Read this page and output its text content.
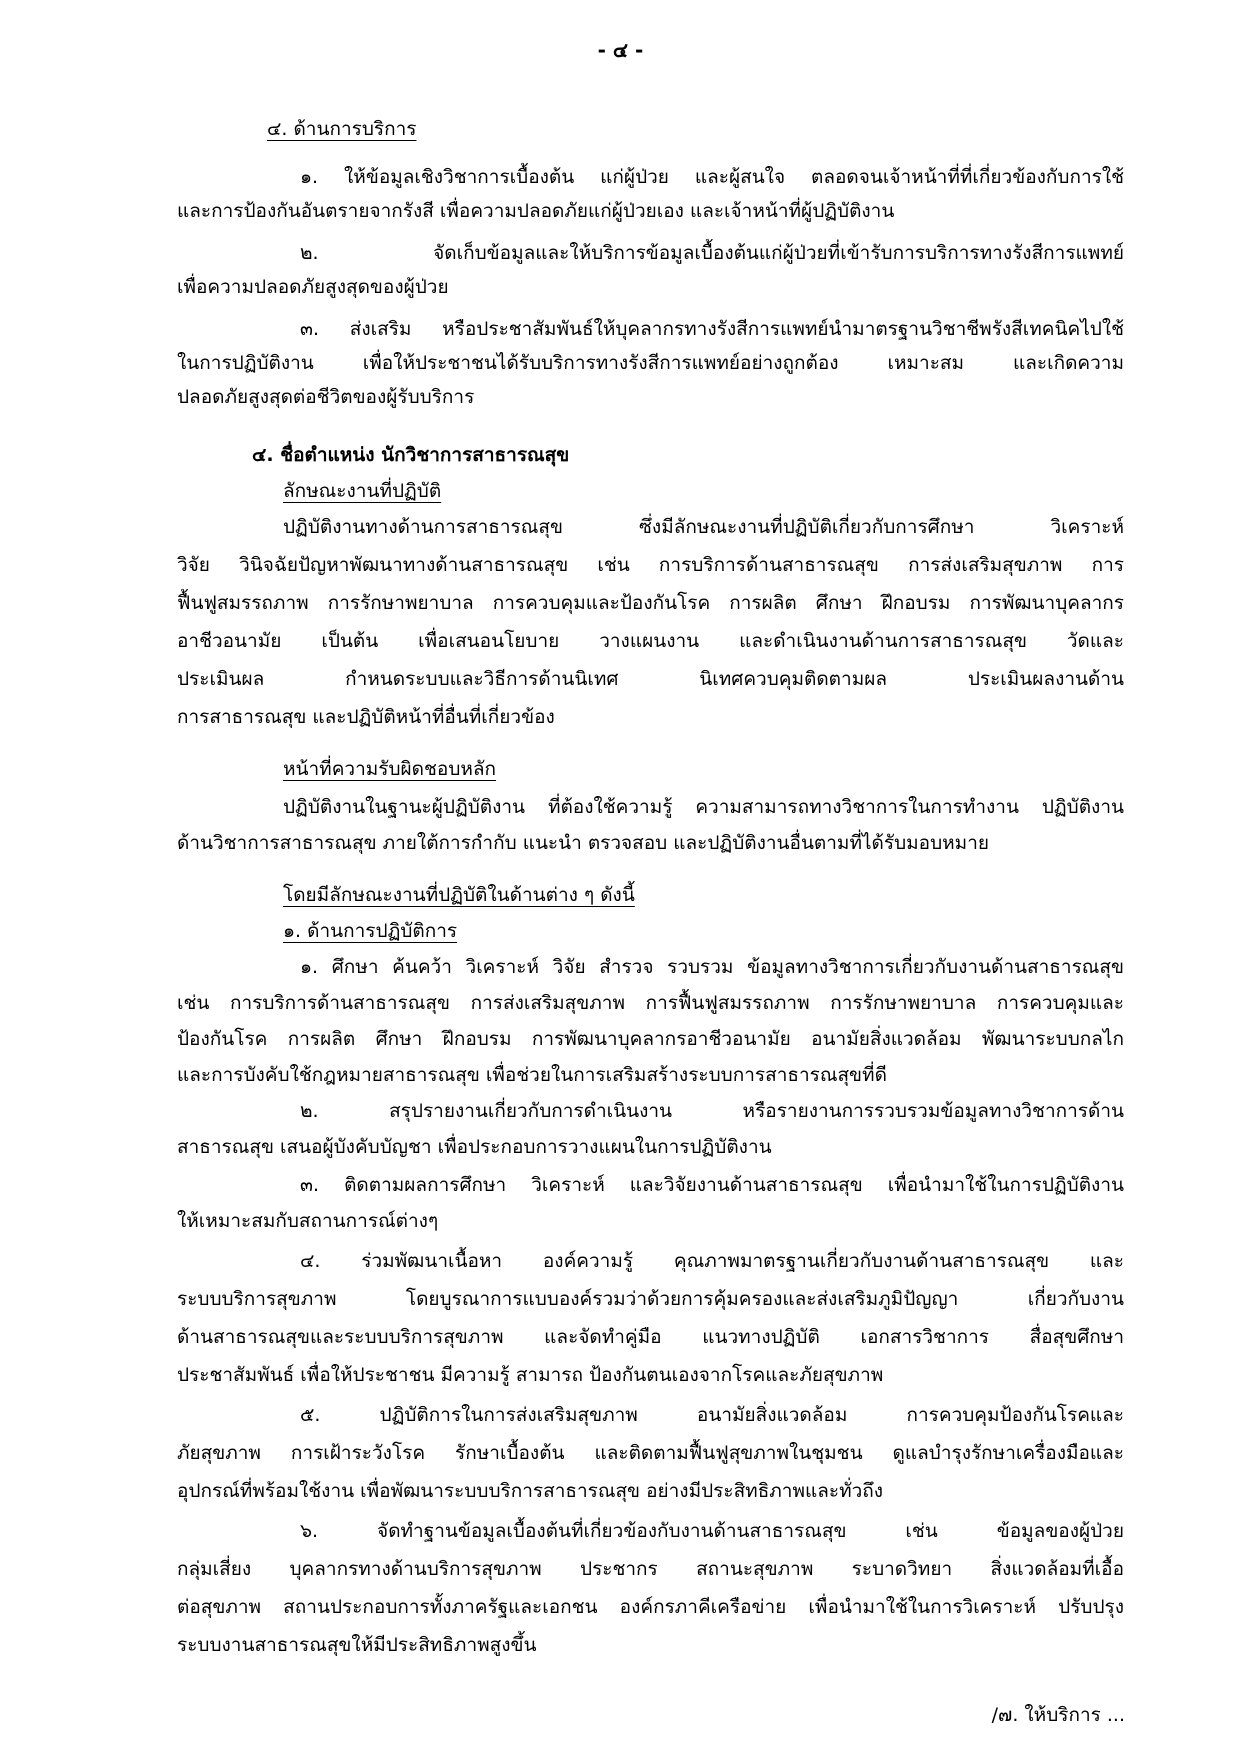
- ๔ -
๔. ด้านการบริการ
๑. ให้ข้อมูลเชิงวิชาการเบื้องต้น แก่ผู้ป่วย และผู้สนใจ ตลอดจนเจ้าหน้าที่ที่เกี่ยวข้องกับการใช้
และการป้องกันอันตรายจากรังสี เพื่อความปลอดภัยแก่ผู้ป่วยเอง และเจ้าหน้าที่ผู้ปฏิบัติงาน
๒. จัดเก็บข้อมูลและให้บริการข้อมูลเบื้องต้นแก่ผู้ป่วยที่เข้ารับการบริการทางรังสีการแพทย์
เพื่อความปลอดภัยสูงสุดของผู้ป่วย
๓. ส่งเสริม หรือประชาสัมพันธ์ให้บุคลากรทางรังสีการแพทย์นำมาตรฐานวิชาชีพรังสีเทคนิคไปใช้
ในการปฏิบัติงาน เพื่อให้ประชาชนได้รับบริการทางรังสีการแพทย์อย่างถูกต้อง เหมาะสม และเกิดความ
ปลอดภัยสูงสุดต่อชีวิตของผู้รับบริการ
๔. ชื่อตำแหน่ง นักวิชาการสาธารณสุข
ลักษณะงานที่ปฏิบัติ
ปฏิบัติงานทางด้านการสาธารณสุข ซึ่งมีลักษณะงานที่ปฏิบัติเกี่ยวกับการศึกษา วิเคราะห์
วิจัย วินิจฉัยปัญหาพัฒนาทางด้านสาธารณสุข เช่น การบริการด้านสาธารณสุข การส่งเสริมสุขภาพ การ
ฟื้นฟูสมรรถภาพ การรักษาพยาบาล การควบคุมและป้องกันโรค การผลิต ศึกษา ฝึกอบรม การพัฒนาบุคลากร
อาชีวอนามัย เป็นต้น เพื่อเสนอนโยบาย วางแผนงาน และดำเนินงานด้านการสาธารณสุข วัดและ
ประเมินผล กำหนดระบบและวิธีการด้านนิเทศ นิเทศควบคุมติดตามผล ประเมินผลงานด้าน
การสาธารณสุข และปฏิบัติหน้าที่อื่นที่เกี่ยวข้อง
หน้าที่ความรับผิดชอบหลัก
ปฏิบัติงานในฐานะผู้ปฏิบัติงาน ที่ต้องใช้ความรู้ ความสามารถทางวิชาการในการทำงาน ปฏิบัติงาน
ด้านวิชาการสาธารณสุข ภายใต้การกำกับ แนะนำ ตรวจสอบ และปฏิบัติงานอื่นตามที่ได้รับมอบหมาย
โดยมีลักษณะงานที่ปฏิบัติในด้านต่าง ๆ ดังนี้
๑. ด้านการปฏิบัติการ
๑. ศึกษา ค้นคว้า วิเคราะห์ วิจัย สำรวจ รวบรวม ข้อมูลทางวิชาการเกี่ยวกับงานด้านสาธารณสุข
เช่น การบริการด้านสาธารณสุข การส่งเสริมสุขภาพ การฟื้นฟูสมรรถภาพ การรักษาพยาบาล การควบคุมและ
ป้องกันโรค การผลิต ศึกษา ฝึกอบรม การพัฒนาบุคลากรอาชีวอนามัย อนามัยสิ่งแวดล้อม พัฒนาระบบกลไก
และการบังคับใช้กฎหมายสาธารณสุข เพื่อช่วยในการเสริมสร้างระบบการสาธารณสุขที่ดี
๒. สรุปรายงานเกี่ยวกับการดำเนินงาน หรือรายงานการรวบรวมข้อมูลทางวิชาการด้าน
สาธารณสุข เสนอผู้บังคับบัญชา เพื่อประกอบการวางแผนในการปฏิบัติงาน
๓. ติดตามผลการศึกษา วิเคราะห์ และวิจัยงานด้านสาธารณสุข เพื่อนำมาใช้ในการปฏิบัติงาน
ให้เหมาะสมกับสถานการณ์ต่างๆ
๔. ร่วมพัฒนาเนื้อหา องค์ความรู้ คุณภาพมาตรฐานเกี่ยวกับงานด้านสาธารณสุข และ
ระบบบริการสุขภาพ โดยบูรณาการแบบองค์รวมว่าด้วยการคุ้มครองและส่งเสริมภูมิปัญญา เกี่ยวกับงาน
ด้านสาธารณสุขและระบบบริการสุขภาพ และจัดทำคู่มือ แนวทางปฏิบัติ เอกสารวิชาการ สื่อสุขศึกษา
ประชาสัมพันธ์ เพื่อให้ประชาชน มีความรู้ สามารถ ป้องกันตนเองจากโรคและภัยสุขภาพ
๕. ปฏิบัติการในการส่งเสริมสุขภาพ อนามัยสิ่งแวดล้อม การควบคุมป้องกันโรคและ
ภัยสุขภาพ การเฝ้าระวังโรค รักษาเบื้องต้น และติดตามฟื้นฟูสุขภาพในชุมชน ดูแลบำรุงรักษาเครื่องมือและ
อุปกรณ์ที่พร้อมใช้งาน เพื่อพัฒนาระบบบริการสาธารณสุข อย่างมีประสิทธิภาพและทั่วถึง
๖. จัดทำฐานข้อมูลเบื้องต้นที่เกี่ยวข้องกับงานด้านสาธารณสุข เช่น ข้อมูลของผู้ป่วย
กลุ่มเสี่ยง บุคลากรทางด้านบริการสุขภาพ ประชากร สถานะสุขภาพ ระบาดวิทยา สิ่งแวดล้อมที่เอื้อ
ต่อสุขภาพ สถานประกอบการทั้งภาครัฐและเอกชน องค์กรภาคีเครือข่าย เพื่อนำมาใช้ในการวิเคราะห์ ปรับปรุง
ระบบงานสาธารณสุขให้มีประสิทธิภาพสูงขึ้น
/๗. ให้บริการ ...
